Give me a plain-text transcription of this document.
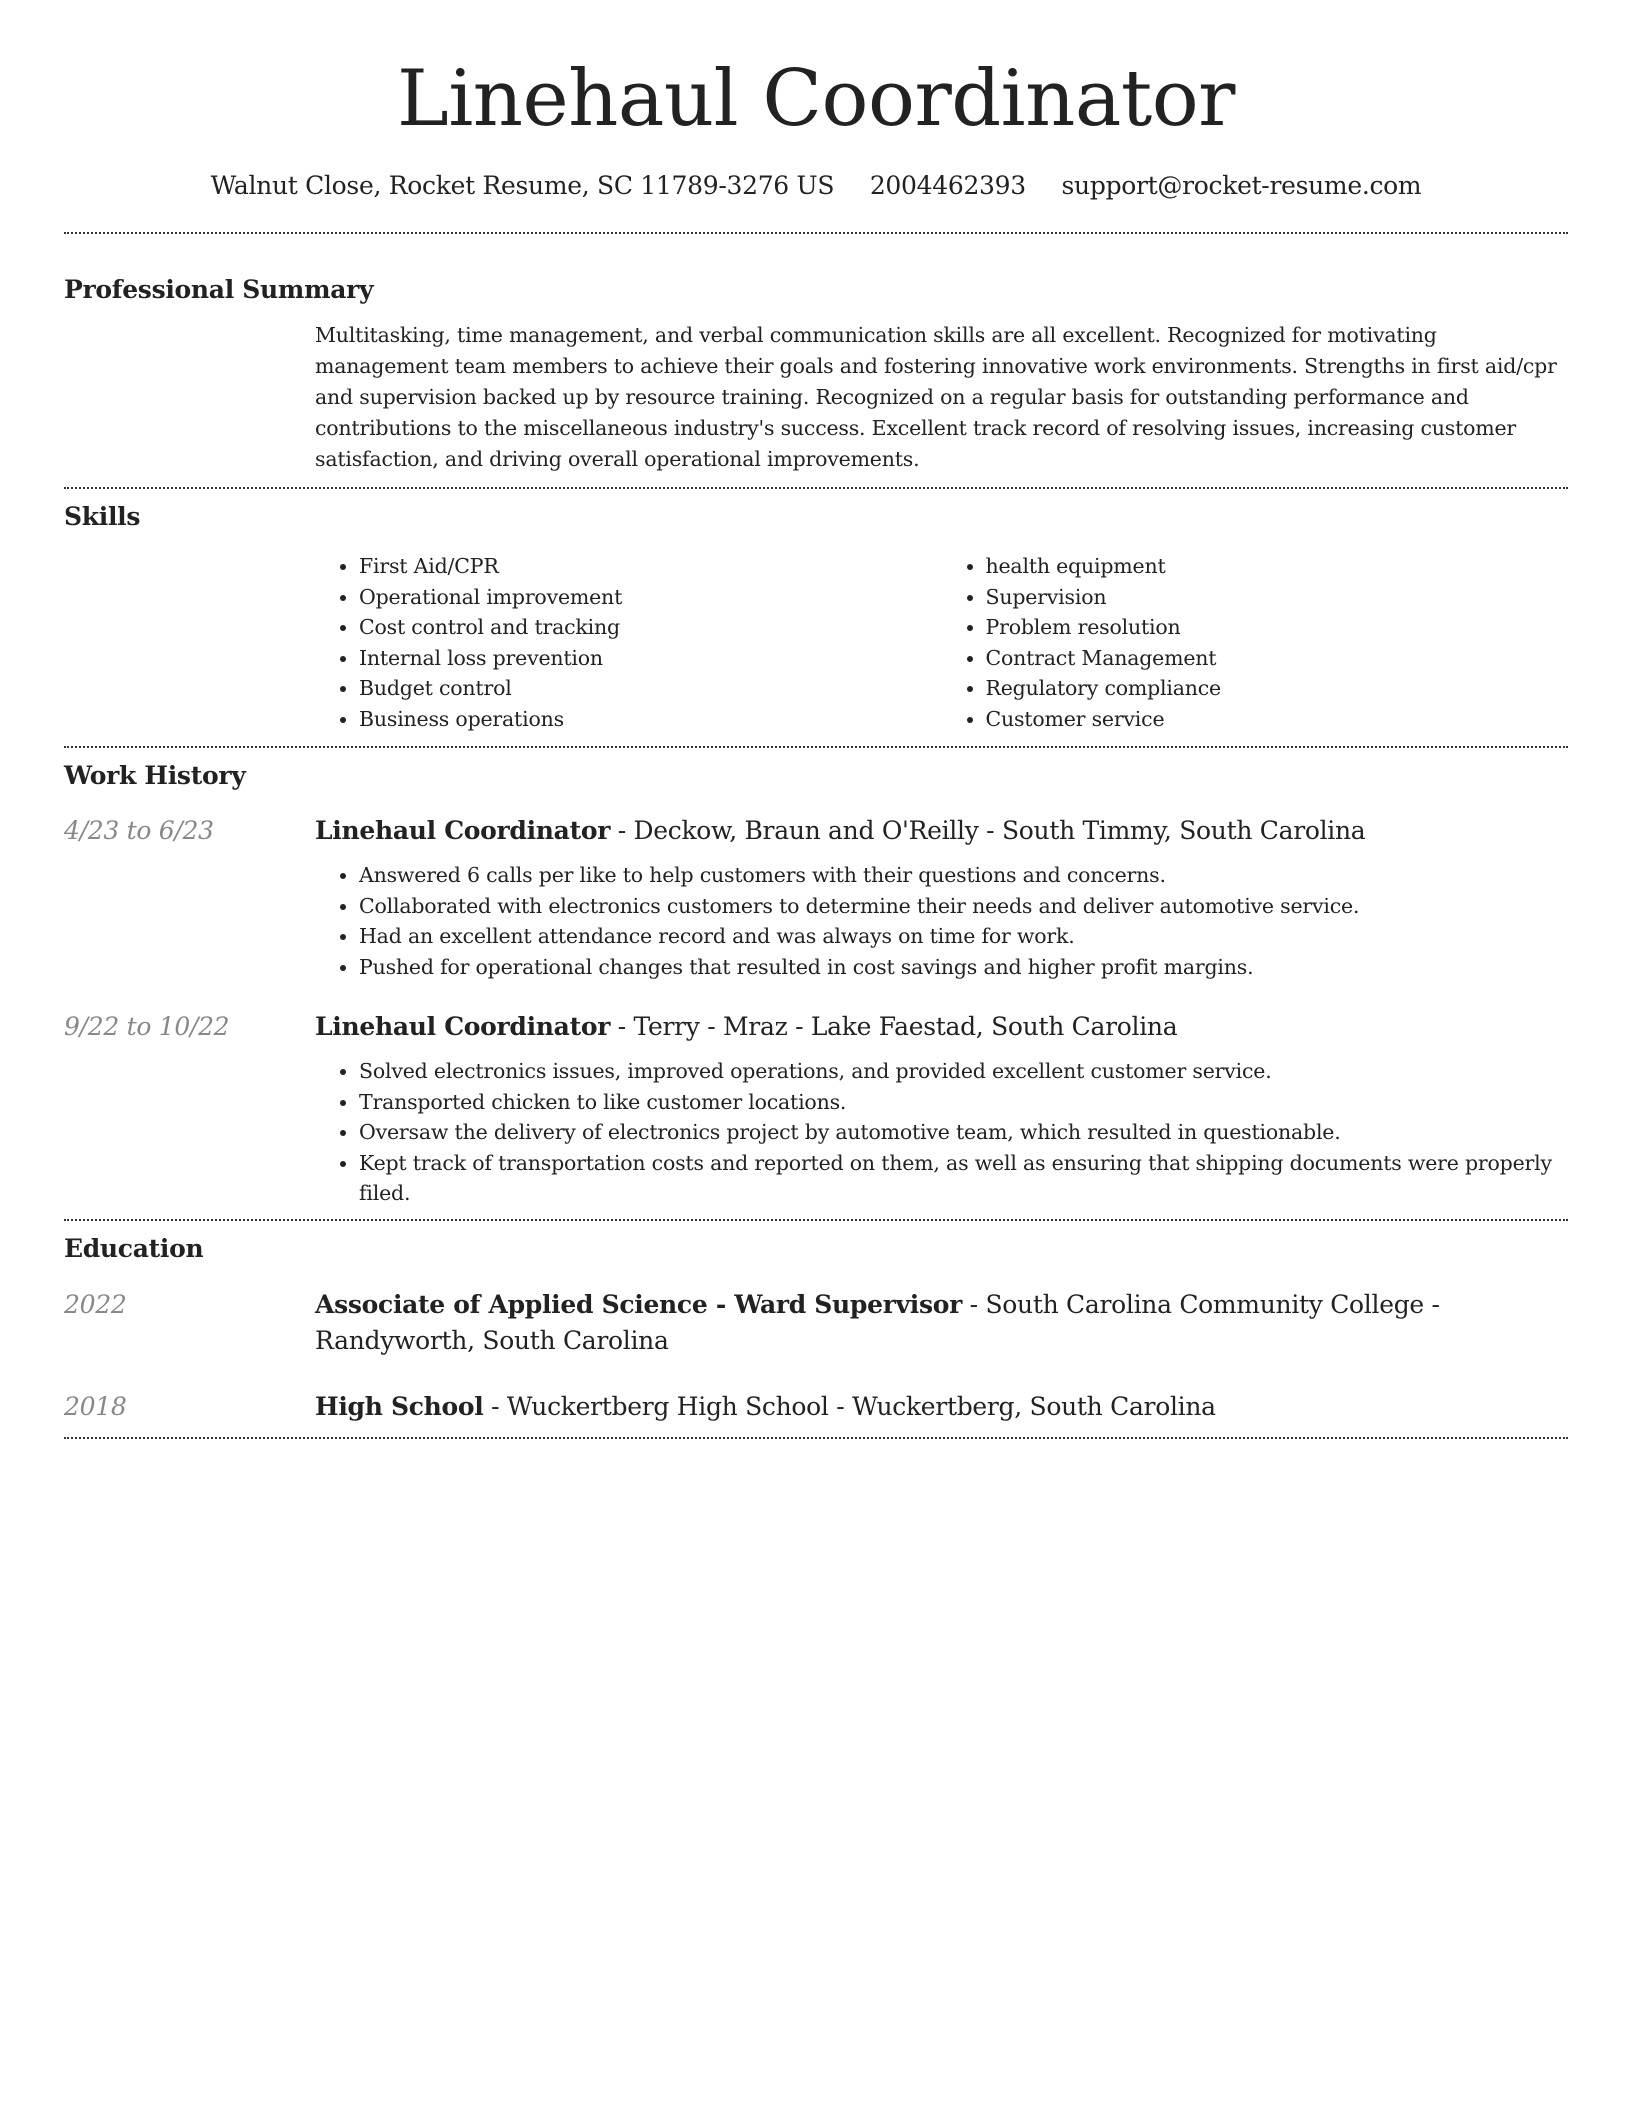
Linehaul Coordinator
Walnut Close, Rocket Resume, SC 11789-3276 US 2004462393 support@rocket-resume.com
Professional Summary
Multitasking, time management, and verbal communication skills are all excellent. Recognized for motivating management team members to achieve their goals and fostering innovative work environments. Strengths in first aid/cpr and supervision backed up by resource training. Recognized on a regular basis for outstanding performance and contributions to the miscellaneous industry's success. Excellent track record of resolving issues, increasing customer satisfaction, and driving overall operational improvements.
Skills
• First Aid/CPR
• Operational improvement
• Cost control and tracking
• Internal loss prevention
• Budget control
• Business operations
• health equipment
• Supervision
• Problem resolution
• Contract Management
• Regulatory compliance
• Customer service
Work History
4/23 to 6/23	Linehaul Coordinator - Deckow, Braun and O'Reilly - South Timmy, South Carolina
• Answered 6 calls per like to help customers with their questions and concerns.
• Collaborated with electronics customers to determine their needs and deliver automotive service.
• Had an excellent attendance record and was always on time for work.
• Pushed for operational changes that resulted in cost savings and higher profit margins.
9/22 to 10/22	Linehaul Coordinator - Terry - Mraz - Lake Faestad, South Carolina
• Solved electronics issues, improved operations, and provided excellent customer service.
• Transported chicken to like customer locations.
• Oversaw the delivery of electronics project by automotive team, which resulted in questionable.
• Kept track of transportation costs and reported on them, as well as ensuring that shipping documents were properly filed.
Education
2022	Associate of Applied Science - Ward Supervisor - South Carolina Community College - Randyworth, South Carolina
2018	High School - Wuckertberg High School - Wuckertberg, South Carolina
